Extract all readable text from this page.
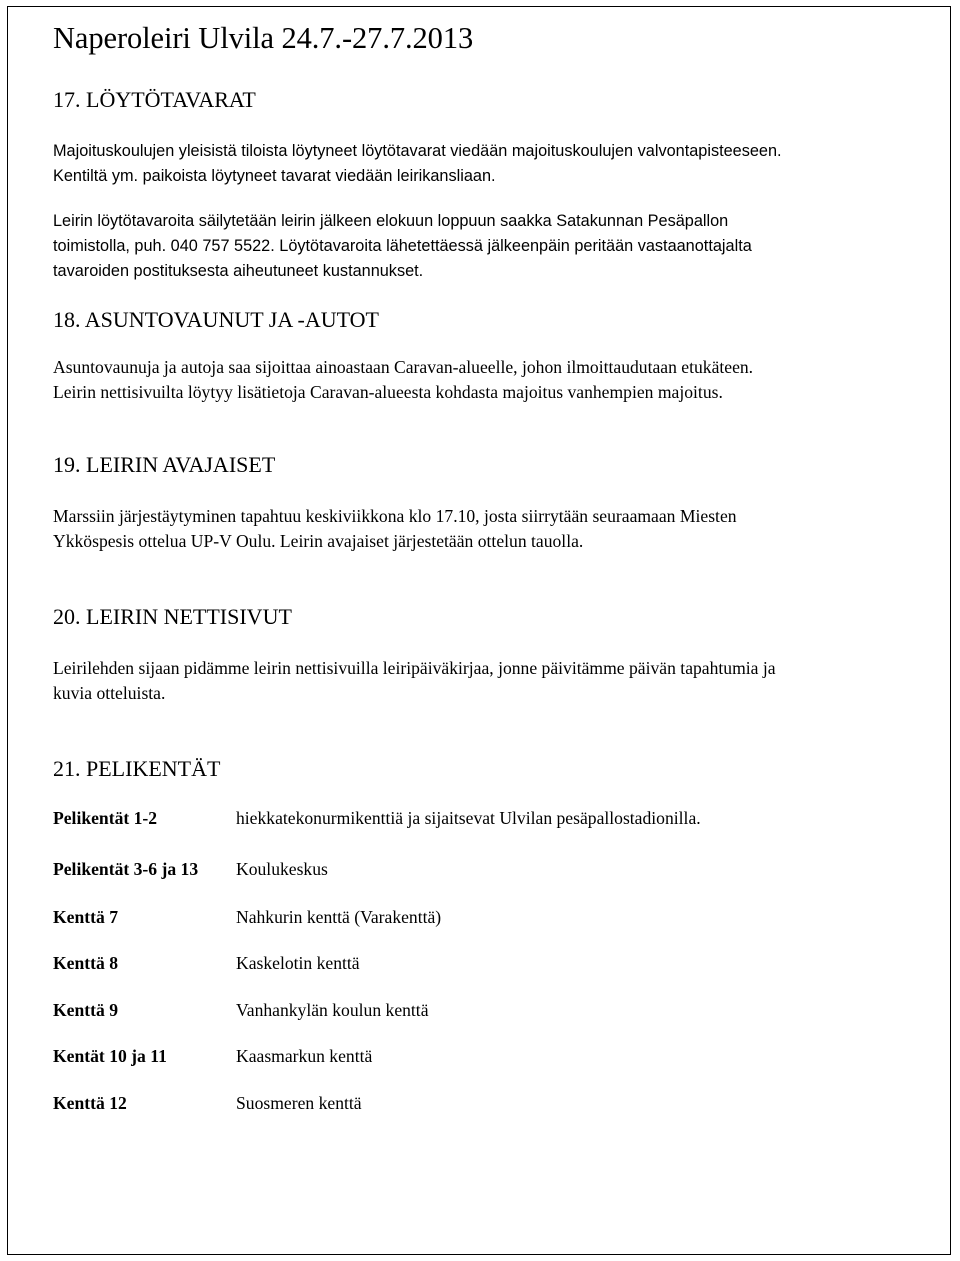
Naperoleiri Ulvila 24.7.-27.7.2013
17. LÖYTÖTAVARAT
Majoituskoulujen yleisistä tiloista löytyneet löytötavarat viedään majoituskoulujen valvontapisteeseen.
Kentiltä ym. paikoista löytyneet tavarat viedään leirikansliaan.
Leirin löytötavaroita säilytetään leirin jälkeen elokuun loppuun saakka Satakunnan Pesäpallon
toimistolla, puh. 040 757 5522. Löytötavaroita lähetettäessä jälkeenpäin peritään vastaanottajalta
tavaroiden postituksesta aiheutuneet kustannukset.
18. ASUNTOVAUNUT JA -AUTOT
Asuntovaunuja ja autoja saa sijoittaa ainoastaan Caravan-alueelle, johon ilmoittaudutaan etukäteen.
Leirin nettisivuilta löytyy lisätietoja Caravan-alueesta kohdasta majoitus vanhempien majoitus.
19. LEIRIN AVAJAISET
Marssiin järjestäytyminen tapahtuu keskiviikkona klo 17.10, josta siirrytään seuraamaan Miesten
Ykköspesis ottelua UP-V Oulu. Leirin avajaiset järjestetään ottelun tauolla.
20. LEIRIN NETTISIVUT
Leirilehden sijaan pidämme leirin nettisivuilla leiripäiväkirjaa, jonne päivitämme päivän tapahtumia ja
kuvia otteluista.
21. PELIKENTÄT
Pelikentät 1-2	hiekkatekonurmikenttiä ja sijaitsevat Ulvilan pesäpallostadionilla.
Pelikentät 3-6 ja 13 Koulukeskus
Kenttä 7	Nahkurin kenttä (Varakenttä)
Kenttä 8	Kaskelotin kenttä
Kenttä 9	Vanhankylän koulun kenttä
Kentät 10 ja 11	Kaasmarkun kenttä
Kenttä 12	Suosmeren kenttä
